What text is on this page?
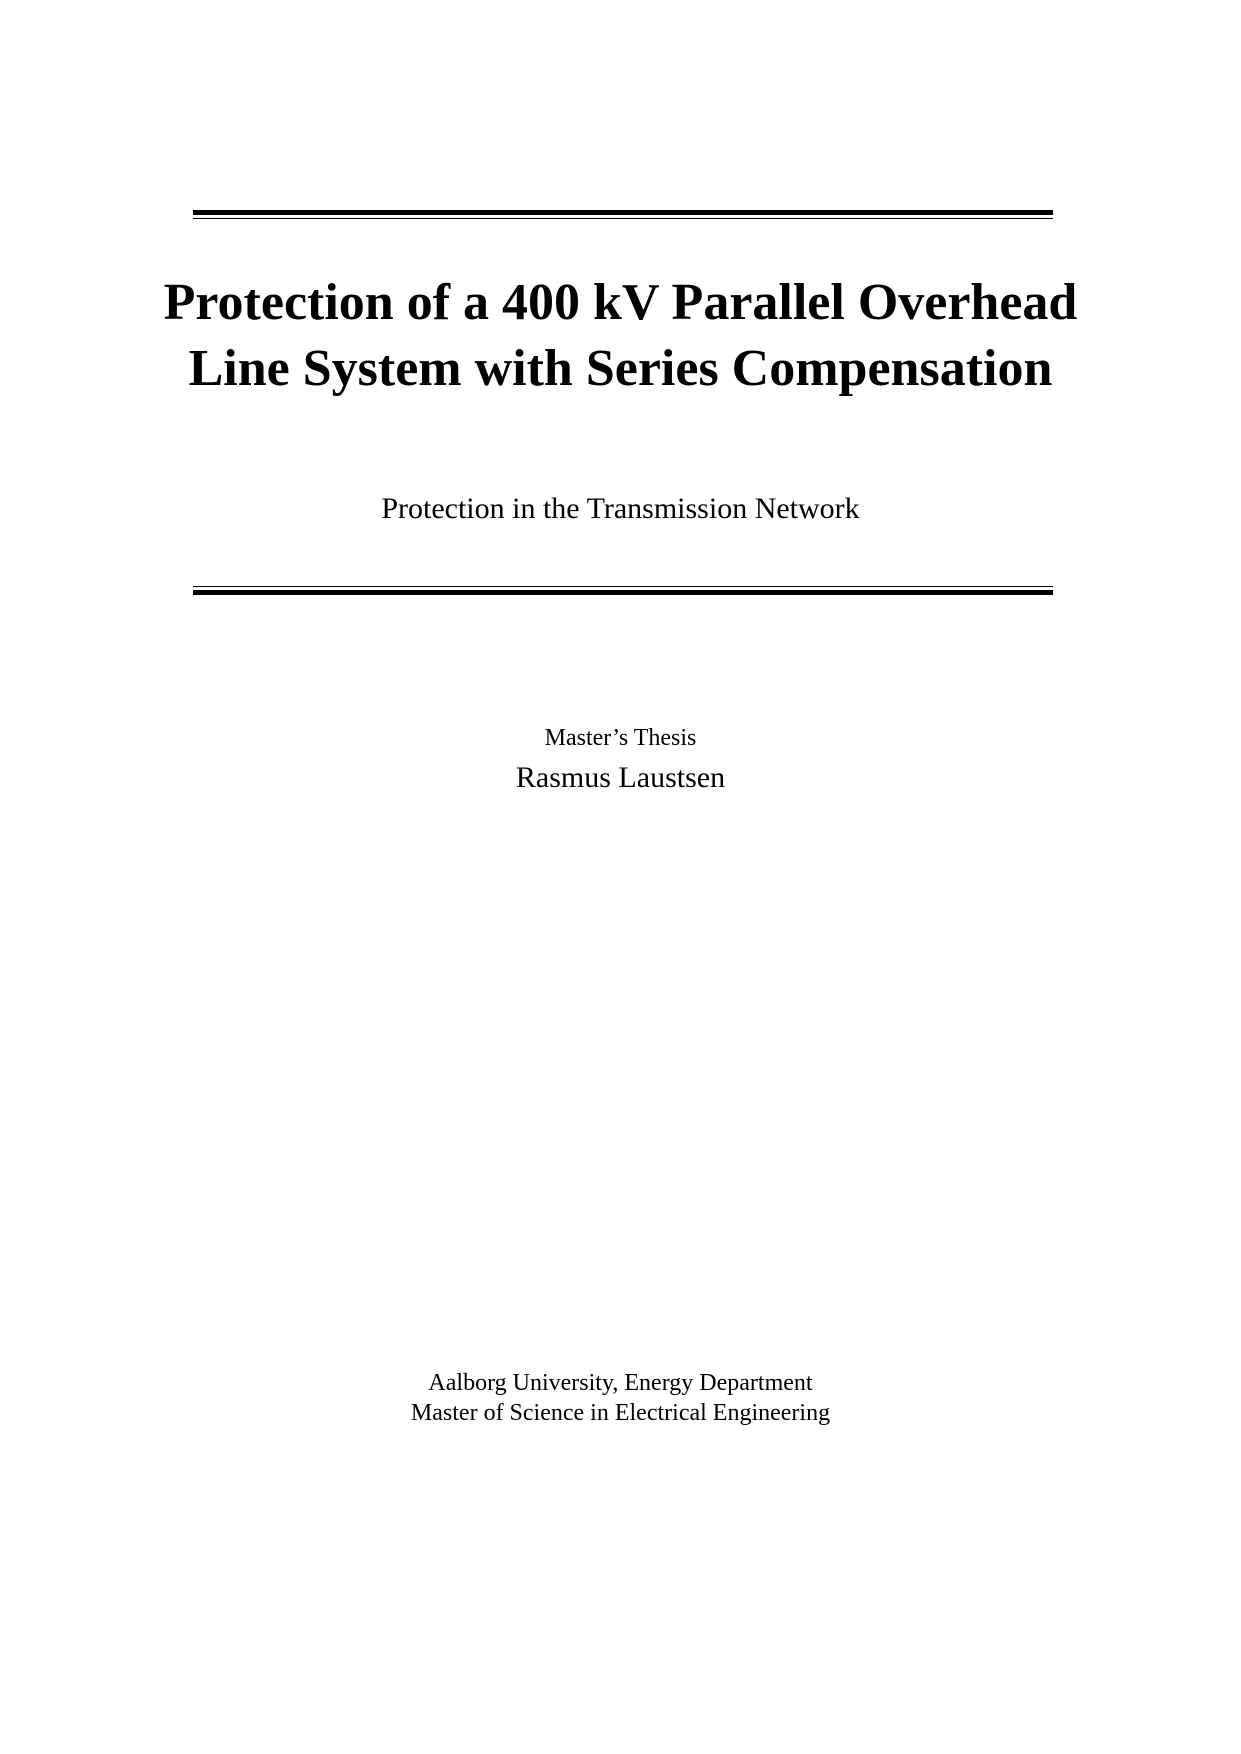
Protection of a 400 kV Parallel Overhead Line System with Series Compensation

Protection in the Transmission Network

Master’s Thesis

Rasmus Laustsen

Aalborg University, Energy Department
Master of Science in Electrical Engineering
